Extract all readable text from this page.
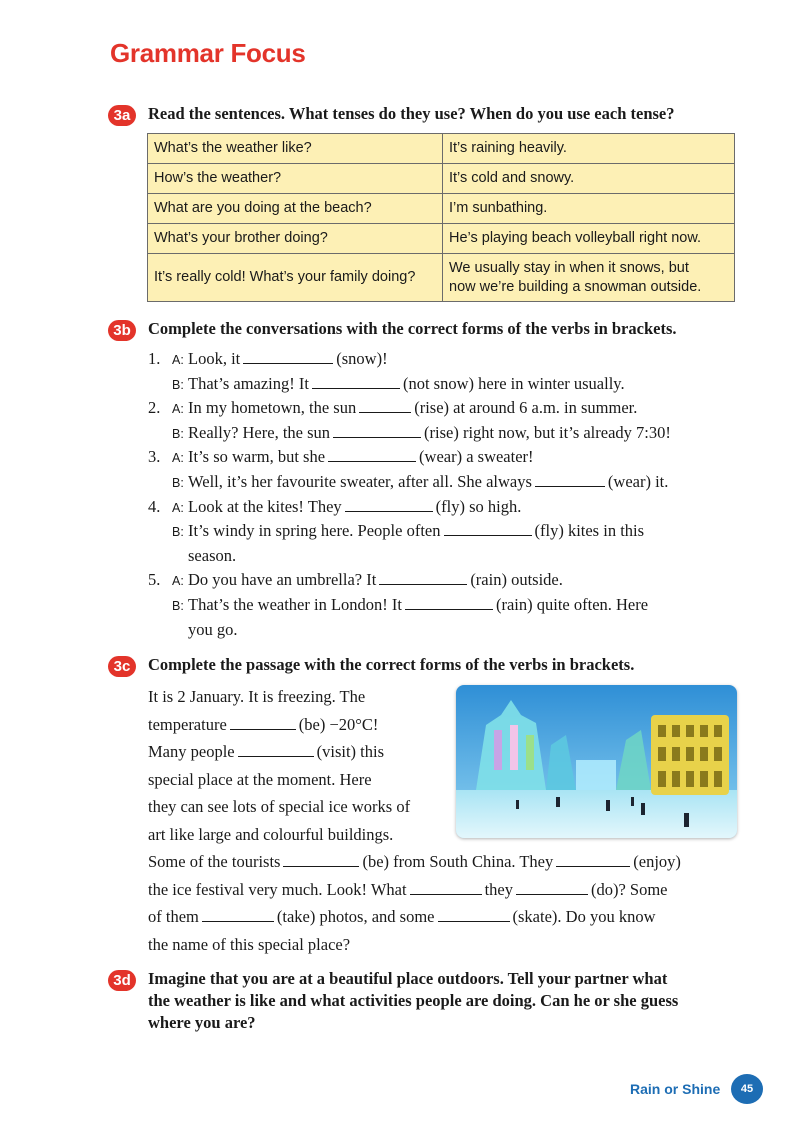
Grammar Focus
3a	Read the sentences. What tenses do they use? When do you use each tense?
What’s the weather like?	It’s raining heavily.
How’s the weather?	It’s cold and snowy.
What are you doing at the beach?	I’m sunbathing.
What’s your brother doing?	He’s playing beach volleyball right now.
It’s really cold! What’s your family doing?	We usually stay in when it snows, but
now we’re building a snowman outside.
3b	Complete the conversations with the correct forms of the verbs in brackets.
1. A: Look, it	(snow)!
B: That’s amazing! It	(not snow) here in winter usually.
2. A: In my hometown, the sun	(rise) at around 6 a.m. in summer.
B: Really? Here, the sun	(rise) right now, but it’s already 7:30!
3. A: It’s so warm, but she	(wear) a sweater!
B: Well, it’s her favourite sweater, after all. She always	(wear) it.
4. A: Look at the kites! They	(fly) so high.
B: It’s windy in spring here. People often	(fly) kites in this
season.
5. A: Do you have an umbrella? It	(rain) outside.
B: That’s the weather in London! It	(rain) quite often. Here
you go.
3c	Complete the passage with the correct forms of the verbs in brackets.
It is 2 January. It is freezing. The
temperature	(be) −20°C!
Many people	(visit) this
special place at the moment. Here
they can see lots of special ice works of
art like large and colourful buildings.
Some of the tourists	(be) from South China. They	(enjoy)
the ice festival very much. Look! What	they	(do)? Some
of them	(take) photos, and some	(skate). Do you know
the name of this special place?
3d	Imagine that you are at a beautiful place outdoors. Tell your partner what
the weather is like and what activities people are doing. Can he or she guess
where you are?
Rain or Shine	45
